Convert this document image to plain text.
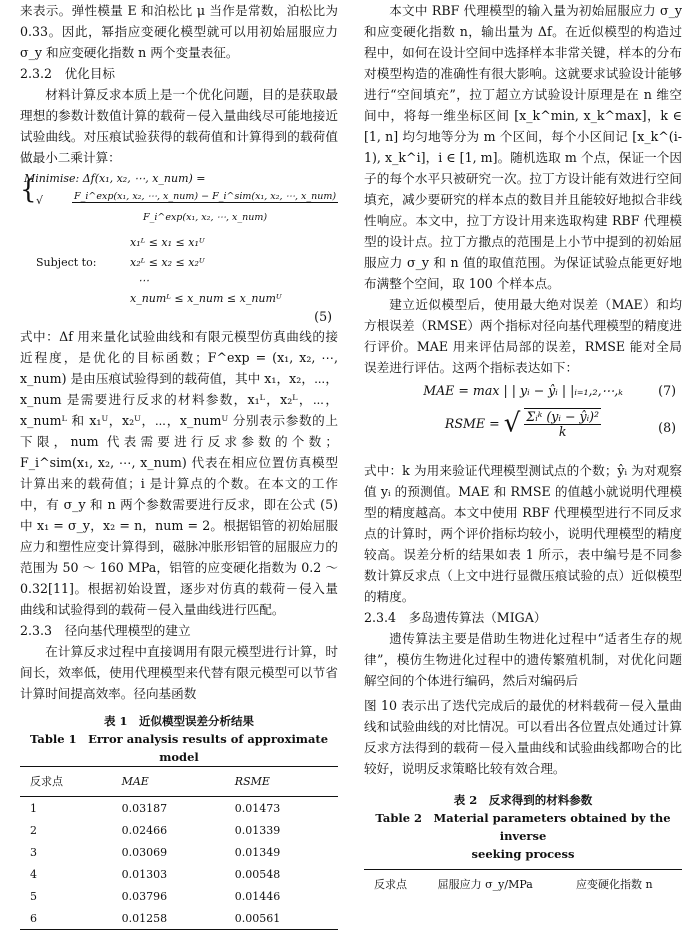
来表示。弹性模量 E 和泊松比 μ 当作是常数，泊松比为 0.33。因此，幂指应变硬化模型就可以用初始屈服应力 σ_y 和应变硬化指数 n 两个变量表征。

2.3.2　优化目标

材料计算反求本质上是一个优化问题，目的是获取最理想的参数计数值计算的载荷－侵入量曲线尽可能地接近试验曲线。对压痕试验获得的载荷值和计算得到的载荷值做最小二乘计算：

Minimise: Δf(x₁, x₂, ⋯, x_num) =
{ √	$\frac{\text{F\_i\textasciicircum{}exp(x₁, x₂, ⋯, x\_num) − F\_i\textasciicircum{}sim(x₁, x₂, ⋯, x\_num)}}{\text{F\_i\textasciicircum{}exp(x₁, x₂, ⋯, x\_num)}}$
x₁ᴸ ≤ x₁ ≤ x₁ᵁ
Subject to:	x₂ᴸ ≤ x₂ ≤ x₂ᵁ
⋯
x_numᴸ ≤ x_num ≤ x_numᵁ
(5)

式中：Δf 用来量化试验曲线和有限元模型仿真曲线的接近程度，是优化的目标函数；F^exp = (x₁, x₂, ⋯, x_num) 是由压痕试验得到的载荷值，其中 x₁，x₂，⋯，x_num 是需要进行反求的材料参数，x₁ᴸ，x₂ᴸ，⋯，x_numᴸ 和 x₁ᵁ，x₂ᵁ，⋯，x_numᵁ 分别表示参数的上下限，num 代表需要进行反求参数的个数；F_i^sim(x₁, x₂, ⋯, x_num) 代表在相应位置仿真模型计算出来的载荷值；i 是计算点的个数。在本文的工作中，有 σ_y 和 n 两个参数需要进行反求，即在公式 (5) 中 x₁ = σ_y，x₂ = n，num = 2。根据铝管的初始屈服应力和塑性应变计算得到，磁脉冲胀形铝管的屈服应力的范围为 50 ～ 160 MPa，铝管的应变硬化指数为 0.2 ～ 0.32[11]。根据初始设置，逐步对仿真的载荷－侵入量曲线和试验得到的载荷－侵入量曲线进行匹配。

2.3.3　径向基代理模型的建立

在计算反求过程中直接调用有限元模型进行计算，时间长，效率低，使用代理模型来代替有限元模型可以节省计算时间提高效率。径向基函数

表 1　近似模型误差分析结果
Table 1　Error analysis results of approximate model
反求点	MAE	RSME
1	0.03187	0.01473
2	0.02466	0.01339
3	0.03069	0.01349
4	0.01303	0.00548
5	0.03796	0.01446
6	0.01258	0.00561

本文中 RBF 代理模型的输入量为初始屈服应力 σ_y 和应变硬化指数 n，输出量为 Δf。在近似模型的构造过程中，如何在设计空间中选择样本非常关键，样本的分布对模型构造的准确性有很大影响。这就要求试验设计能够进行“空间填充”，拉丁超立方试验设计原理是在 n 维空间中，将每一维坐标区间 [x_k^min, x_k^max]，k ∈ [1, n] 均匀地等分为 m 个区间，每个小区间记 [x_k^(i-1), x_k^i]，i ∈ [1, m]。随机选取 m 个点，保证一个因子的每个水平只被研究一次。拉丁方设计能有效进行空间填充，减少要研究的样本点的数目并且能较好地拟合非线性响应。本文中，拉丁方设计用来选取构建 RBF 代理模型的设计点。拉丁方撒点的范围是上小节中提到的初始屈服应力 σ_y 和 n 值的取值范围。为保证试验点能更好地布满整个空间，取 100 个样本点。

建立近似模型后，使用最大绝对误差（MAE）和均方根误差（RMSE）两个指标对径向基代理模型的精度进行评价。MAE 用来评估局部的误差，RMSE 能对全局误差进行评估。这两个指标表达如下：

MAE = max | | yᵢ − ŷᵢ | |ᵢ₌₁,₂,⋯,ₖ	(7)
RSME = √ $\frac{\text{Σᵢᵏ (yᵢ − ŷᵢ)²}}{k}$	(8)

式中：k 为用来验证代理模型测试点的个数；ŷᵢ 为对观察值 yᵢ 的预测值。MAE 和 RMSE 的值越小就说明代理模型的精度越高。本文中使用 RBF 代理模型进行不同反求点的计算时，两个评价指标均较小，说明代理模型的精度较高。误差分析的结果如表 1 所示，表中编号是不同参数计算反求点（上文中进行显微压痕试验的点）近似模型的精度。

2.3.4　多岛遗传算法（MIGA）

遗传算法主要是借助生物进化过程中“适者生存的规律”，模仿生物进化过程中的遗传繁殖机制，对优化问题解空间的个体进行编码，然后对编码后

图 10 表示出了迭代完成后的最优的材料载荷－侵入量曲线和试验曲线的对比情况。可以看出各位置点处通过计算反求方法得到的载荷－侵入量曲线和试验曲线都吻合的比较好，说明反求策略比较有效合理。

表 2　反求得到的材料参数
Table 2　Material parameters obtained by the inverse
seeking process
反求点	屈服应力 σ_y/MPa	应变硬化指数 n
